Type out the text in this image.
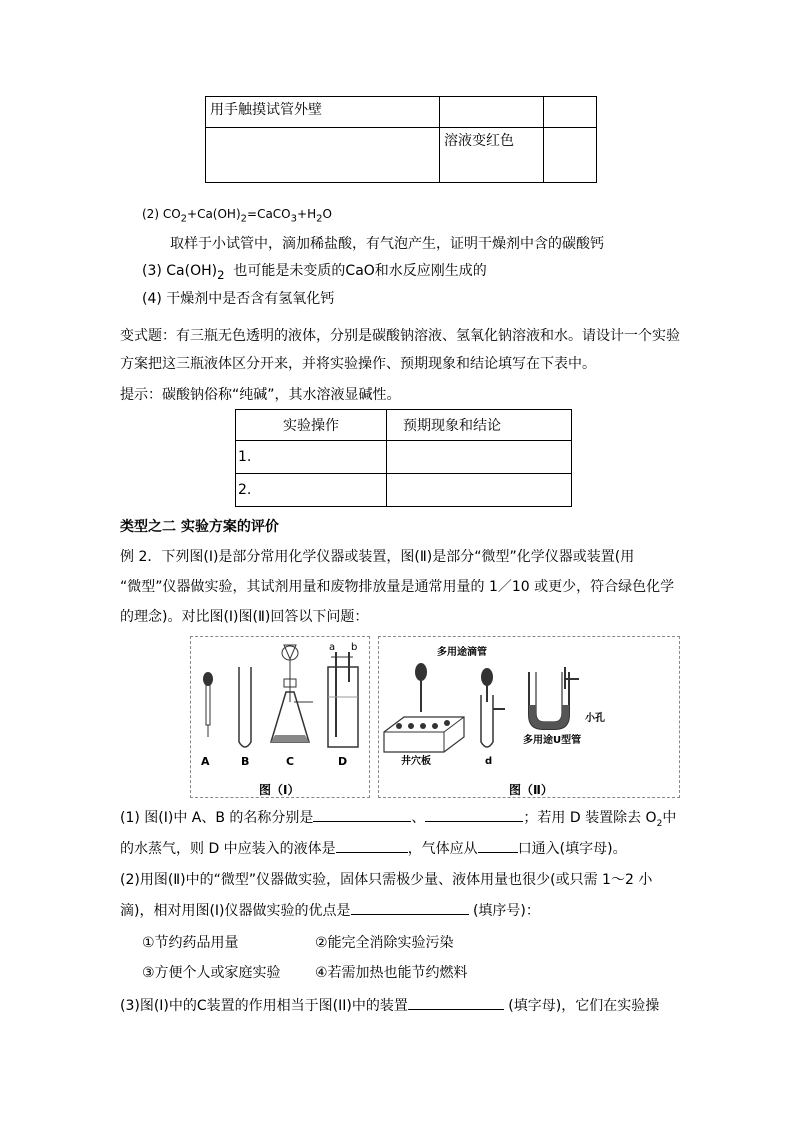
用手触摸试管外壁		
	溶液变红色	
(2) $CO_2+Ca(OH)_2=CaCO_3+H_2O$
取样于小试管中，滴加稀盐酸，有气泡产生，证明干燥剂中含的碳酸钙
(3) $Ca(OH)_2$  也可能是未变质的CaO和水反应刚生成的
(4) 干燥剂中是否含有氢氧化钙
变式题：有三瓶无色透明的液体，分别是碳酸钠溶液、氢氧化钠溶液和水。请设计一个实验
方案把这三瓶液体区分开来，并将实验操作、预期现象和结论填写在下表中。
提示：碳酸钠俗称“纯碱”，其水溶液显碱性。
实验操作	预期现象和结论
1.	
2.	
类型之二 实验方案的评价
例 2．下列图(Ⅰ)是部分常用化学仪器或装置，图(Ⅱ)是部分“微型”化学仪器或装置(用
“微型”仪器做实验，其试剂用量和废物排放量是通常用量的 1／10 或更少，符合绿色化学
的理念)。对比图(Ⅰ)图(Ⅱ)回答以下问题：
A	B	C	D
a b
图（Ⅰ）
多用途滴管
井穴板	d
小孔
多用途U型管
图（Ⅱ）
(1) 图(Ⅰ)中 A、B 的名称分别是	、	；若用 D 装置除去 $O_2$中
的水蒸气，则 D 中应装入的液体是	，气体应从	口通入(填字母)。
(2)用图(Ⅱ)中的“微型”仪器做实验，固体只需极少量、液体用量也很少(或只需 1～2 小
滴)，相对用图(Ⅰ)仪器做实验的优点是	(填序号)：
①节约药品用量	②能完全消除实验污染
③方便个人或家庭实验 ④若需加热也能节约燃料
(3)图(Ⅰ)中的C装置的作用相当于图(II)中的装置	(填字母)，它们在实验操
